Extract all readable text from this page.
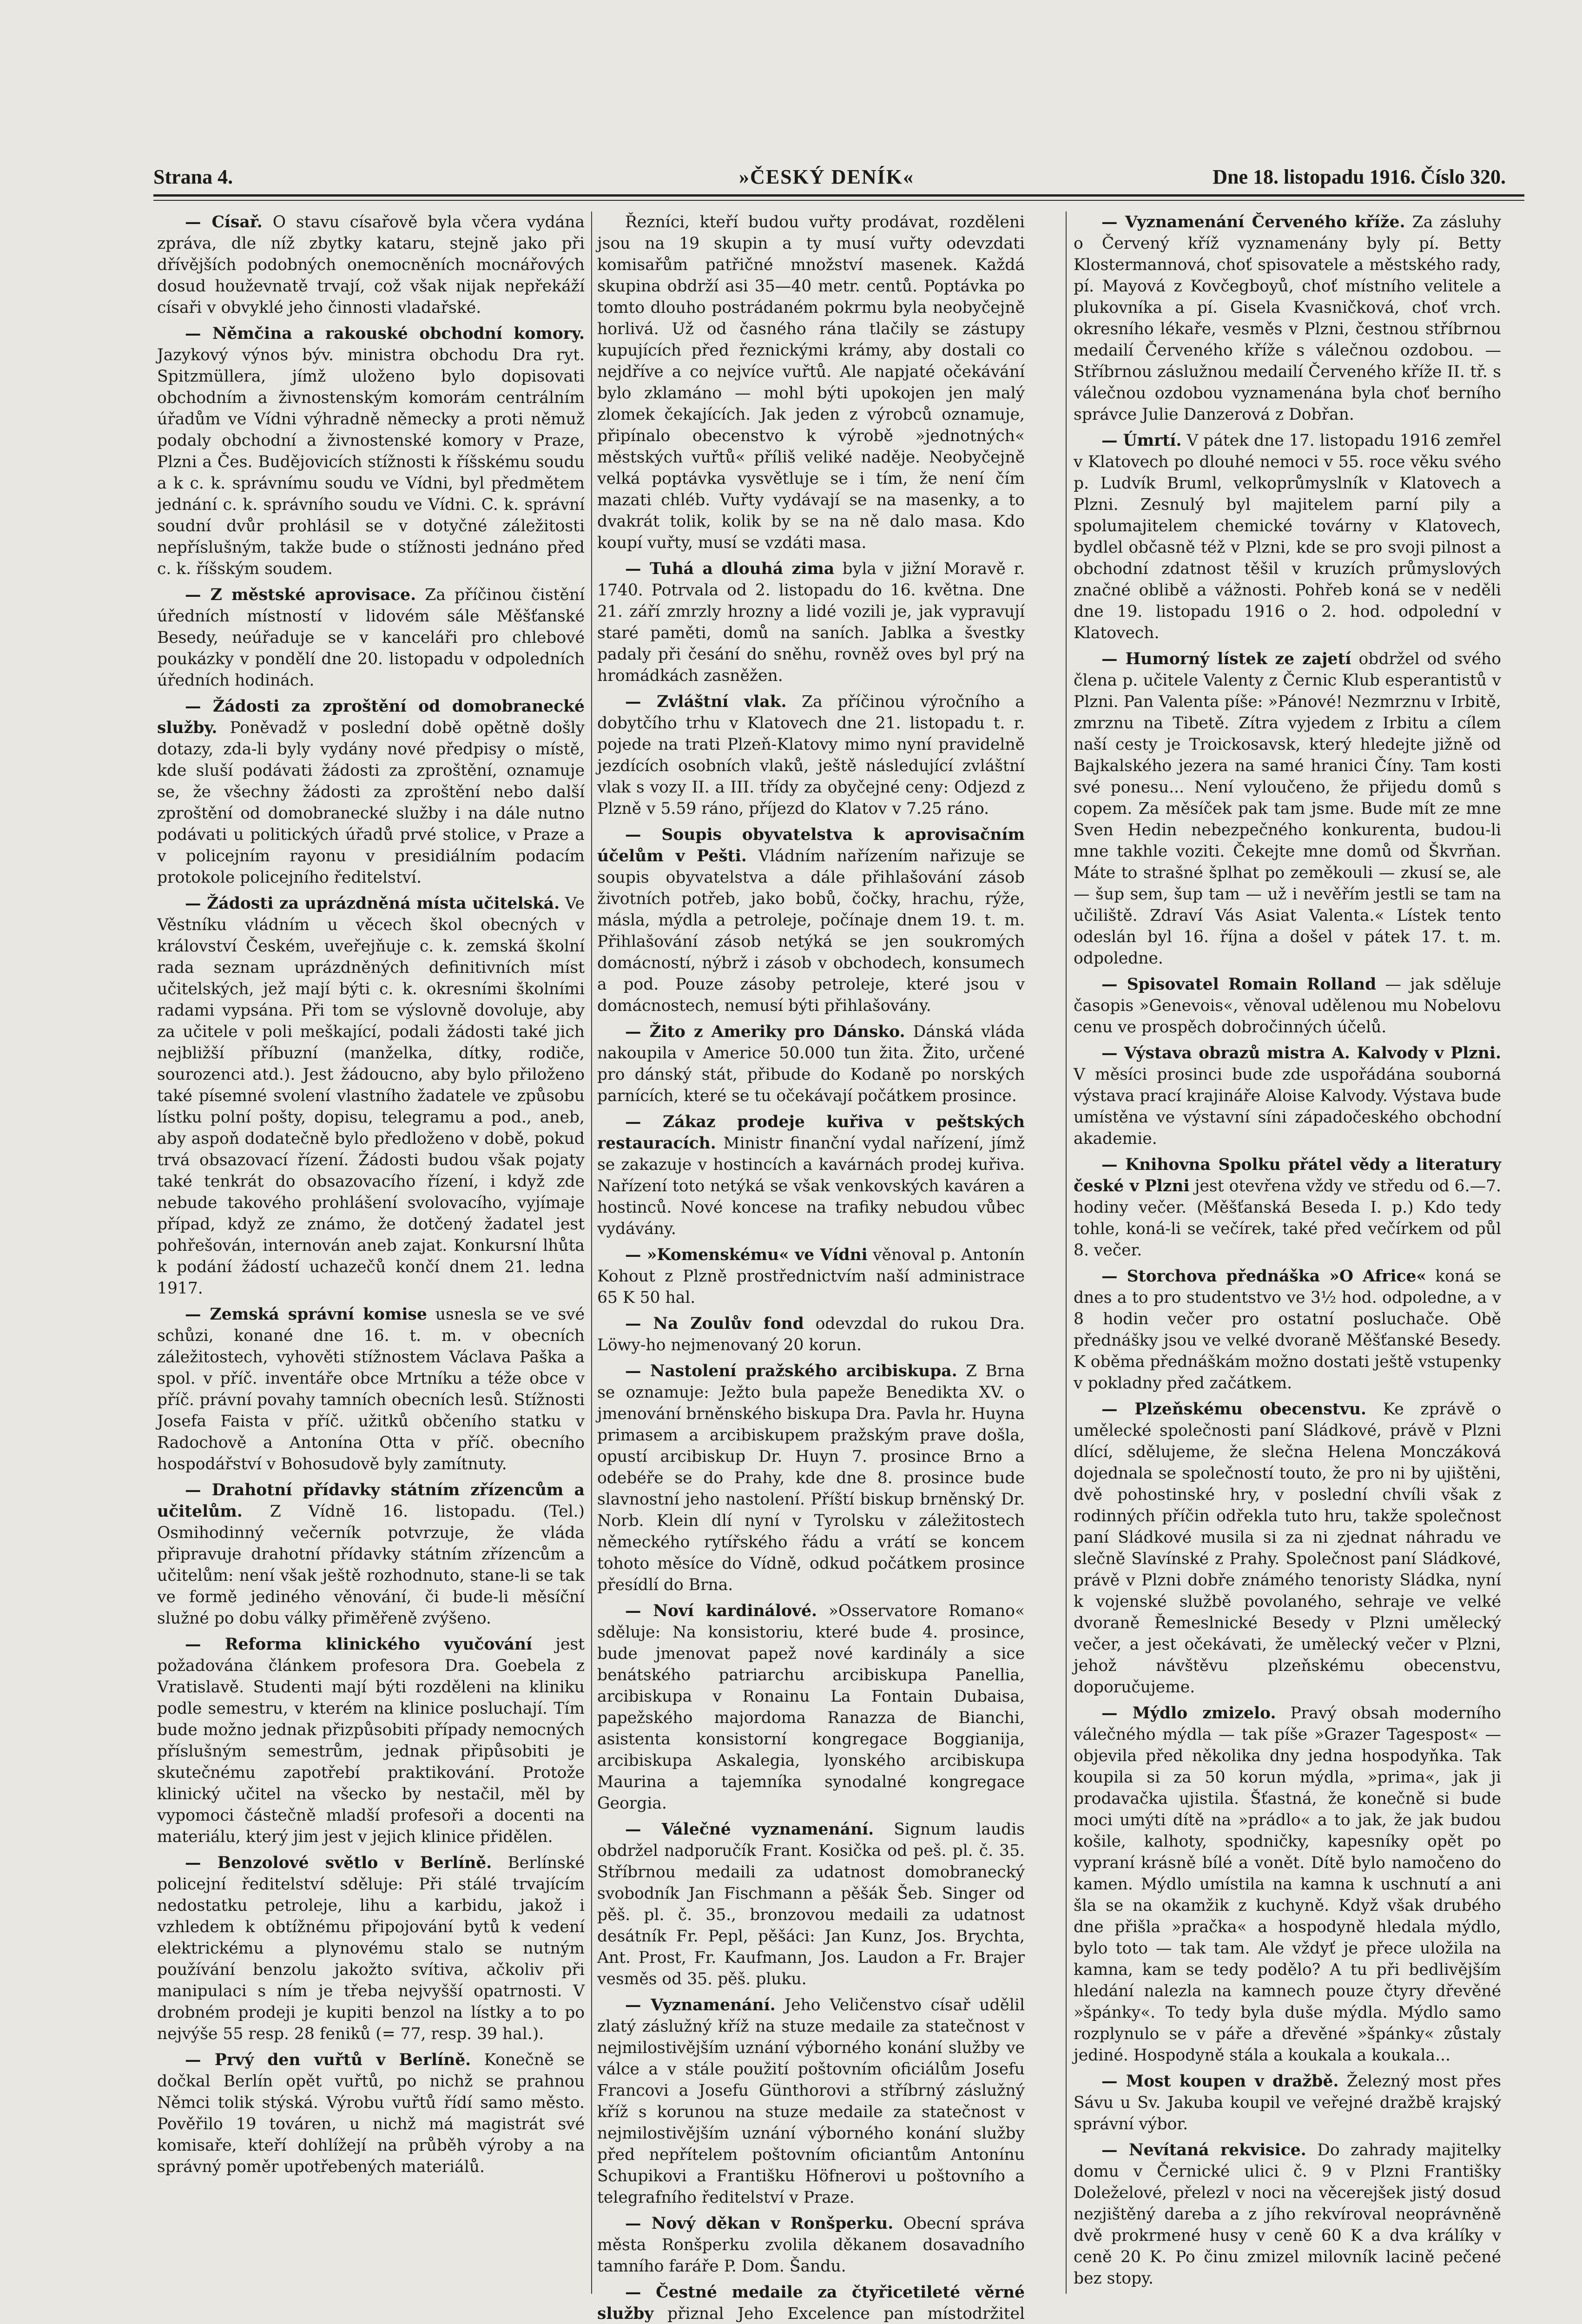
Strana 4.	»ČESKÝ DENÍK«	Dne 18. listopadu 1916. Číslo 320.

— Císař. O stavu císařově byla včera vydána zpráva, dle níž zbytky kataru, stejně jako při dřívějších podobných onemocněních mocnářových dosud houževnatě trvají, což však nijak nepřekáží císaři v obvyklé jeho činnosti vladařské.

— Němčina a rakouské obchodní komory. Jazykový výnos býv. ministra obchodu Dra ryt. Spitzmüllera, jímž uloženo bylo dopisovati obchodním a živnostenským komorám centrálním úřadům ve Vídni výhradně německy a proti němuž podaly obchodní a živnostenské komory v Praze, Plzni a Čes. Budějovicích stížnosti k říšskému soudu a k c. k. správnímu soudu ve Vídni, byl předmětem jednání c. k. správního soudu ve Vídni. C. k. správní soudní dvůr prohlásil se v dotyčné záležitosti nepříslušným, takže bude o stížnosti jednáno před c. k. říšským soudem.

— Z městské aprovisace. Za příčinou čistění úředních místností v lidovém sále Měšťanské Besedy, neúřaduje se v kanceláři pro chlebové poukázky v pondělí dne 20. listopadu v odpoledních úředních hodinách.

— Žádosti za zproštění od domobranecké služby. Poněvadž v poslední době opětně došly dotazy, zda-li byly vydány nové předpisy o místě, kde sluší podávati žádosti za zproštění, oznamuje se, že všechny žádosti za zproštění nebo další zproštění od domobranecké služby i na dále nutno podávati u politických úřadů prvé stolice, v Praze a v policejním rayonu v presidiálním podacím protokole policejního ředitelství.

— Žádosti za uprázdněná místa učitelská. Ve Věstníku vládním u věcech škol obecných v království Českém, uveřejňuje c. k. zemská školní rada seznam uprázdněných definitivních míst učitelských, jež mají býti c. k. okresními školními radami vypsána. Při tom se výslovně dovoluje, aby za učitele v poli meškající, podali žádosti také jich nejbližší příbuzní (manželka, dítky, rodiče, sourozenci atd.). Jest žádoucno, aby bylo přiloženo také písemné svolení vlastního žadatele ve způsobu lístku polní pošty, dopisu, telegramu a pod., aneb, aby aspoň dodatečně bylo předloženo v době, pokud trvá obsazovací řízení. Žádosti budou však pojaty také tenkrát do obsazovacího řízení, i když zde nebude takového prohlášení svolovacího, vyjímaje případ, když ze známo, že dotčený žadatel jest pohřešován, internován aneb zajat. Konkursní lhůta k podání žádostí uchazečů končí dnem 21. ledna 1917.

— Zemská správní komise usnesla se ve své schůzi, konané dne 16. t. m. v obecních záležitostech, vyhověti stížnostem Václava Paška a spol. v příč. inventáře obce Mrtníku a téže obce v příč. právní povahy tamních obecních lesů. Stížnosti Josefa Faista v příč. užitků občeního statku v Radochově a Antonína Otta v příč. obecního hospodářství v Bohosudově byly zamítnuty.

— Drahotní přídavky státním zřízencům a učitelům. Z Vídně 16. listopadu. (Tel.) Osmihodinný večerník potvrzuje, že vláda připravuje drahotní přídavky státním zřízencům a učitelům: není však ještě rozhodnuto, stane-li se tak ve formě jediného věnování, či bude-li měsíční služné po dobu války přiměřeně zvýšeno.

— Reforma klinického vyučování jest požadována článkem profesora Dra. Goebela z Vratislavě. Studenti mají býti rozděleni na kliniku podle semestru, v kterém na klinice posluchají. Tím bude možno jednak přizpůsobiti případy nemocných příslušným semestrům, jednak připůsobiti je skutečnému zapotřebí praktikování. Protože klinický učitel na všecko by nestačil, měl by vypomoci částečně mladší profesoři a docenti na materiálu, který jim jest v jejich klinice přidělen.

— Benzolové světlo v Berlíně. Berlínské policejní ředitelství sděluje: Při stálé trvajícím nedostatku petroleje, lihu a karbidu, jakož i vzhledem k obtížnému připojování bytů k vedení elektrickému a plynovému stalo se nutným používání benzolu jakožto svítiva, ačkoliv při manipulaci s ním je třeba nejvyšší opatrnosti. V drobném prodeji je kupiti benzol na lístky a to po nejvýše 55 resp. 28 feniků (= 77, resp. 39 hal.).

— Prvý den vuřtů v Berlíně. Konečně se dočkal Berlín opět vuřtů, po nichž se prahnou Němci tolik stýská. Výrobu vuřtů řídí samo město. Pověřilo 19 továren, u nichž má magistrát své komisaře, kteří dohlížejí na průběh výroby a na správný poměr upotřebených materiálů.

Řezníci, kteří budou vuřty prodávat, rozděleni jsou na 19 skupin a ty musí vuřty odevzdati komisařům patřičné množství masenek. Každá skupina obdrží asi 35—40 metr. centů. Poptávka po tomto dlouho postrádaném pokrmu byla neobyčejně horlivá. Už od časného rána tlačily se zástupy kupujících před řeznickými krámy, aby dostali co nejdříve a co nejvíce vuřtů. Ale napjaté očekávání bylo zklamáno — mohl býti upokojen jen malý zlomek čekajících. Jak jeden z výrobců oznamuje, připínalo obecenstvo k výrobě »jednotných« městských vuřtů« příliš veliké naděje. Neobyčejně velká poptávka vysvětluje se i tím, že není čím mazati chléb. Vuřty vydávají se na masenky, a to dvakrát tolik, kolik by se na ně dalo masa. Kdo koupí vuřty, musí se vzdáti masa.

— Tuhá a dlouhá zima byla v jižní Moravě r. 1740. Potrvala od 2. listopadu do 16. května. Dne 21. září zmrzly hrozny a lidé vozili je, jak vypravují staré paměti, domů na saních. Jablka a švestky padaly při česání do sněhu, rovněž oves byl prý na hromádkách zasněžen.

— Zvláštní vlak. Za příčinou výročního a dobytčího trhu v Klatovech dne 21. listopadu t. r. pojede na trati Plzeň-Klatovy mimo nyní pravidelně jezdících osobních vlaků, ještě následující zvláštní vlak s vozy II. a III. třídy za obyčejné ceny: Odjezd z Plzně v 5.59 ráno, příjezd do Klatov v 7.25 ráno.

— Soupis obyvatelstva k aprovisačním účelům v Pešti. Vládním nařízením nařizuje se soupis obyvatelstva a dále přihlašování zásob životních potřeb, jako bobů, čočky, hrachu, rýže, másla, mýdla a petroleje, počínaje dnem 19. t. m. Přihlašování zásob netýká se jen soukromých domácností, nýbrž i zásob v obchodech, konsumech a pod. Pouze zásoby petroleje, které jsou v domácnostech, nemusí býti přihlašovány.

— Žito z Ameriky pro Dánsko. Dánská vláda nakoupila v Americe 50.000 tun žita. Žito, určené pro dánský stát, přibude do Kodaně po norských parnících, které se tu očekávají počátkem prosince.

— Zákaz prodeje kuřiva v peštských restauracích. Ministr finanční vydal nařízení, jímž se zakazuje v hostincích a kavárnách prodej kuřiva. Nařízení toto netýká se však venkovských kaváren a hostinců. Nové koncese na trafiky nebudou vůbec vydávány.

— »Komenskému« ve Vídni věnoval p. Antonín Kohout z Plzně prostřednictvím naší administrace 65 K 50 hal.

— Na Zoulův fond odevzdal do rukou Dra. Löwy-ho nejmenovaný 20 korun.

— Nastolení pražského arcibiskupa. Z Brna se oznamuje: Ježto bula papeže Benedikta XV. o jmenování brněnského biskupa Dra. Pavla hr. Huyna primasem a arcibiskupem pražským prave došla, opustí arcibiskup Dr. Huyn 7. prosince Brno a odebéře se do Prahy, kde dne 8. prosince bude slavnostní jeho nastolení. Příští biskup brněnský Dr. Norb. Klein dlí nyní v Tyrolsku v záležitostech německého rytířského řádu a vrátí se koncem tohoto měsíce do Vídně, odkud počátkem prosince přesídlí do Brna.

— Noví kardinálové. »Osservatore Romano« sděluje: Na konsistoriu, které bude 4. prosince, bude jmenovat papež nové kardinály a sice benátského patriarchu arcibiskupa Panellia, arcibiskupa v Ronainu La Fontain Dubaisa, papežského majordoma Ranazza de Bianchi, asistenta konsistorní kongregace Boggianija, arcibiskupa Askalegia, lyonského arcibiskupa Maurina a tajemníka synodalné kongregace Georgia.

— Válečné vyznamenání. Signum laudis obdržel nadporučík Frant. Kosička od peš. pl. č. 35. Stříbrnou medaili za udatnost domobranecký svobodník Jan Fischmann a pěšák Šeb. Singer od pěš. pl. č. 35., bronzovou medaili za udatnost desátník Fr. Pepl, pěšáci: Jan Kunz, Jos. Brychta, Ant. Prost, Fr. Kaufmann, Jos. Laudon a Fr. Brajer vesměs od 35. pěš. pluku.

— Vyznamenání. Jeho Veličenstvo císař udělil zlatý záslužný kříž na stuze medaile za statečnost v nejmilostivějším uznání výborného konání služby ve válce a v stále použití poštovním oficiálům Josefu Francovi a Josefu Günthorovi a stříbrný záslužný kříž s korunou na stuze medaile za statečnost v nejmilostivějším uznání výborného konání služby před nepřítelem poštovním oficiantům Antonínu Schupikovi a Františku Höfnerovi u poštovního a telegrafního ředitelství v Praze.

— Nový děkan v Ronšperku. Obecní správa města Ronšperku zvolila děkanem dosavadního tamního faráře P. Dom. Šandu.

— Čestné medaile za čtyřicetileté věrné služby přiznal Jeho Excelence pan místodržitel

— Vyznamenání Červeného kříže. Za zásluhy o Červený kříž vyznamenány byly pí. Betty Klostermannová, choť spisovatele a městského rady, pí. Mayová z Kovčegboyů, choť místního velitele a plukovníka a pí. Gisela Kvasničková, choť vrch. okresního lékaře, vesměs v Plzni, čestnou stříbrnou medailí Červeného kříže s válečnou ozdobou. — Stříbrnou záslužnou medailí Červeného kříže II. tř. s válečnou ozdobou vyznamenána byla choť berního správce Julie Danzerová z Dobřan.

— Úmrtí. V pátek dne 17. listopadu 1916 zemřel v Klatovech po dlouhé nemoci v 55. roce věku svého p. Ludvík Bruml, velkoprůmyslník v Klatovech a Plzni. Zesnulý byl majitelem parní pily a spolumajitelem chemické továrny v Klatovech, bydlel občasně též v Plzni, kde se pro svoji pilnost a obchodní zdatnost těšil v kruzích průmyslových značné oblibě a vážnosti. Pohřeb koná se v neděli dne 19. listopadu 1916 o 2. hod. odpolední v Klatovech.

— Humorný lístek ze zajetí obdržel od svého člena p. učitele Valenty z Černic Klub esperantistů v Plzni. Pan Valenta píše: »Pánové! Nezmrznu v Irbitě, zmrznu na Tibetě. Zítra vyjedem z Irbitu a cílem naší cesty je Troickosavsk, který hledejte jižně od Bajkalského jezera na samé hranici Číny. Tam kosti své ponesu... Není vyloučeno, že přijedu domů s copem. Za měsíček pak tam jsme. Bude mít ze mne Sven Hedin nebezpečného konkurenta, budou-li mne takhle voziti. Čekejte mne domů od Škvrňan. Máte to strašné šplhat po zeměkouli — zkusí se, ale — šup sem, šup tam — už i nevěřím jestli se tam na učiliště. Zdraví Vás Asiat Valenta.« Lístek tento odeslán byl 16. října a došel v pátek 17. t. m. odpoledne.

— Spisovatel Romain Rolland — jak sděluje časopis »Genevois«, věnoval udělenou mu Nobelovu cenu ve prospěch dobročinných účelů.

— Výstava obrazů mistra A. Kalvody v Plzni. V měsíci prosinci bude zde uspořádána souborná výstava prací krajináře Aloise Kalvody. Výstava bude umístěna ve výstavní síni západočeského obchodní akademie.

— Knihovna Spolku přátel vědy a literatury české v Plzni jest otevřena vždy ve středu od 6.—7. hodiny večer. (Měšťanská Beseda I. p.) Kdo tedy tohle, koná-li se večírek, také před večírkem od půl 8. večer.

— Storchova přednáška »O Africe« koná se dnes a to pro studentstvo ve 3½ hod. odpoledne, a v 8 hodin večer pro ostatní posluchače. Obě přednášky jsou ve velké dvoraně Měšťanské Besedy. K oběma přednáškám možno dostati ještě vstupenky v pokladny před začátkem.

— Plzeňskému obecenstvu. Ke zprávě o umělecké společnosti paní Sládkové, právě v Plzni dlící, sdělujeme, že slečna Helena Monczáková dojednala se společností touto, že pro ni by ujištěni, dvě pohostinské hry, v poslední chvíli však z rodinných příčin odřekla tuto hru, takže společnost paní Sládkové musila si za ni zjednat náhradu ve slečně Slavínské z Prahy. Společnost paní Sládkové, právě v Plzni dobře známého tenoristy Sládka, nyní k vojenské službě povolaného, sehraje ve velké dvoraně Řemeslnické Besedy v Plzni umělecký večer, a jest očekávati, že umělecký večer v Plzni, jehož návštěvu plzeňskému obecenstvu, doporučujeme.

— Mýdlo zmizelo. Pravý obsah moderního válečného mýdla — tak píše »Grazer Tagespost« — objevila před několika dny jedna hospodyňka. Tak koupila si za 50 korun mýdla, »prima«, jak ji prodavačka ujistila. Šťastná, že konečně si bude moci umýti dítě na »prádlo« a to jak, že jak budou košile, kalhoty, spodničky, kapesníky opět po vypraní krásně bílé a vonět. Dítě bylo namočeno do kamen. Mýdlo umístila na kamna k uschnutí a ani šla se na okamžik z kuchyně. Když však drubého dne přišla »pračka« a hospodyně hledala mýdlo, bylo toto — tak tam. Ale vždyť je přece uložila na kamna, kam se tedy podělo? A tu při bedlivějším hledání nalezla na kamnech pouze čtyry dřevěné »špánky«. To tedy byla duše mýdla. Mýdlo samo rozplynulo se v páře a dřevěné »špánky« zůstaly jediné. Hospodyně stála a koukala a koukala...

— Most koupen v dražbě. Železný most přes Sávu u Sv. Jakuba koupil ve veřejné dražbě krajský správní výbor.

— Nevítaná rekvisice. Do zahrady majitelky domu v Černické ulici č. 9 v Plzni Františky Doleželové, přelezl v noci na věcerejšek jistý dosud nezjištěný dareba a z jího rekvíroval neoprávněně dvě prokrmené husy v ceně 60 K a dva králíky v ceně 20 K. Po činu zmizel milovník lacině pečené bez stopy.
